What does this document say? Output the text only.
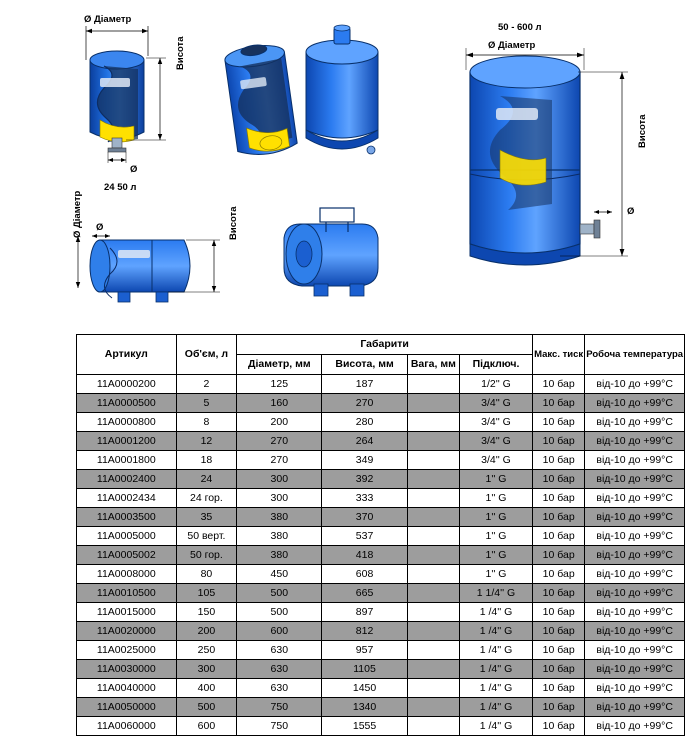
Ø Діаметр
Висота
Ø
24 50 л
50 - 600 л
Ø Діаметр
Висота
Ø
Ø Діаметр Ø	Висота
Артикул	Об'єм, л	Габарити				Макс. тиск	Робоча температура
		Діаметр, мм	Висота, мм	Вага, мм	Підключ.		
11A0000200	2	125	187		1/2'' G	10 бар	від-10 до +99°C
11A0000500	5	160	270		3/4'' G	10 бар	від-10 до +99°C
11A0000800	8	200	280		3/4'' G	10 бар	від-10 до +99°C
11A0001200	12	270	264		3/4'' G	10 бар	від-10 до +99°C
11A0001800	18	270	349		3/4'' G	10 бар	від-10 до +99°C
11A0002400	24	300	392		1'' G	10 бар	від-10 до +99°C
11A0002434	24 гор.	300	333		1'' G	10 бар	від-10 до +99°C
11A0003500	35	380	370		1'' G	10 бар	від-10 до +99°C
11A0005000	50 верт.	380	537		1'' G	10 бар	від-10 до +99°C
11A0005002	50 гор.	380	418		1'' G	10 бар	від-10 до +99°C
11A0008000	80	450	608		1'' G	10 бар	від-10 до +99°C
11A0010500	105	500	665		1 1/4'' G	10 бар	від-10 до +99°C
11A0015000	150	500	897		1 /4'' G	10 бар	від-10 до +99°C
11A0020000	200	600	812		1 /4'' G	10 бар	від-10 до +99°C
11A0025000	250	630	957		1 /4'' G	10 бар	від-10 до +99°C
11A0030000	300	630	1105		1 /4'' G	10 бар	від-10 до +99°C
11A0040000	400	630	1450		1 /4'' G	10 бар	від-10 до +99°C
11A0050000	500	750	1340		1 /4'' G	10 бар	від-10 до +99°C
11A0060000	600	750	1555		1 /4'' G	10 бар	від-10 до +99°C
